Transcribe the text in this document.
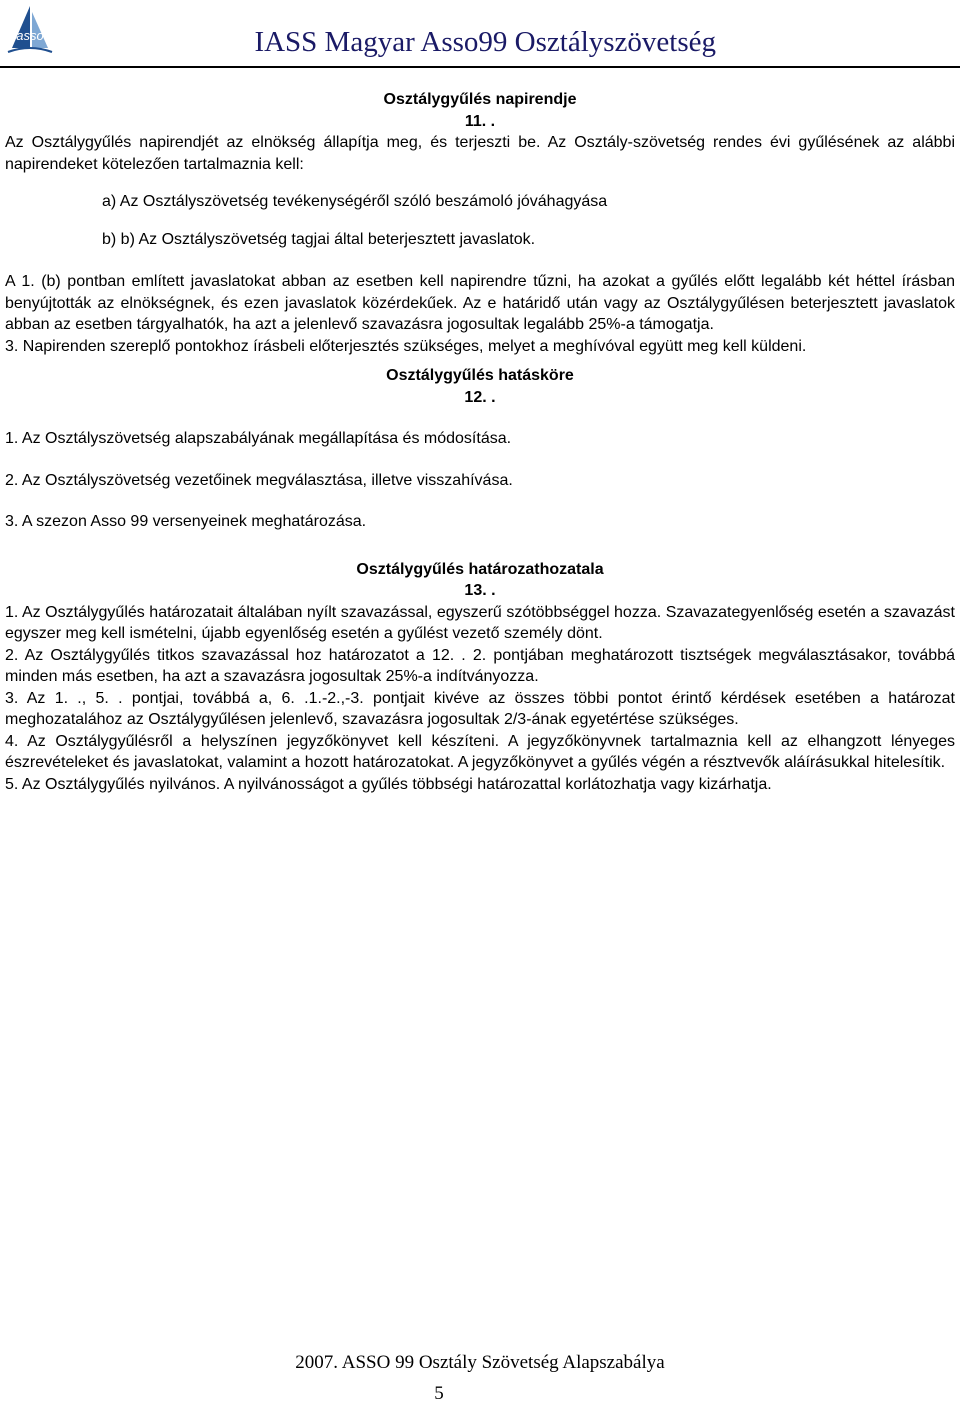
asso	IASS Magyar Asso99 Osztályszövetség
Osztálygyűlés napirendje
11. .

Az Osztálygyűlés napirendjét az elnökség állapítja meg, és terjeszti be. Az Osztály-szövetség rendes évi gyűlésének az alábbi napirendeket kötelezően tartalmaznia kell:

a) Az Osztályszövetség tevékenységéről szóló beszámoló jóváhagyása

b) b) Az Osztályszövetség tagjai által beterjesztett javaslatok.

A 1. (b) pontban említett javaslatokat abban az esetben kell napirendre tűzni, ha azokat a gyűlés előtt legalább két héttel írásban benyújtották az elnökségnek, és ezen javaslatok közérdekűek. Az e határidő után vagy az Osztálygyűlésen beterjesztett javaslatok abban az esetben tárgyalhatók, ha azt a jelenlevő szavazásra jogosultak legalább 25%-a támogatja.

3. Napirenden szereplő pontokhoz írásbeli előterjesztés szükséges, melyet a meghívóval együtt meg kell küldeni.

Osztálygyűlés hatásköre
12. .

1. Az Osztályszövetség alapszabályának megállapítása és módosítása.

2. Az Osztályszövetség vezetőinek megválasztása, illetve visszahívása.

3. A szezon Asso 99 versenyeinek meghatározása.

Osztálygyűlés határozathozatala
13. .

1. Az Osztálygyűlés határozatait általában nyílt szavazással, egyszerű szótöbbséggel hozza. Szavazategyenlőség esetén a szavazást egyszer meg kell ismételni, újabb egyenlőség esetén a gyűlést vezető személy dönt.

2. Az Osztálygyűlés titkos szavazással hoz határozatot a 12. . 2. pontjában meghatározott tisztségek megválasztásakor, továbbá minden más esetben, ha azt a szavazásra jogosultak 25%-a indítványozza.

3. Az 1. ., 5. . pontjai, továbbá a, 6. .1.-2.,-3. pontjait kivéve az összes többi pontot érintő kérdések esetében a határozat meghozatalához az Osztálygyűlésen jelenlevő, szavazásra jogosultak 2/3-ának egyetértése szükséges.

4. Az Osztálygyűlésről a helyszínen jegyzőkönyvet kell készíteni. A jegyzőkönyvnek tartalmaznia kell az elhangzott lényeges észrevételeket és javaslatokat, valamint a hozott határozatokat. A jegyzőkönyvet a gyűlés végén a résztvevők aláírásukkal hitelesítik.

5. Az Osztálygyűlés nyilvános. A nyilvánosságot a gyűlés többségi határozattal korlátozhatja vagy kizárhatja.

2007. ASSO 99 Osztály Szövetség Alapszabálya
5
